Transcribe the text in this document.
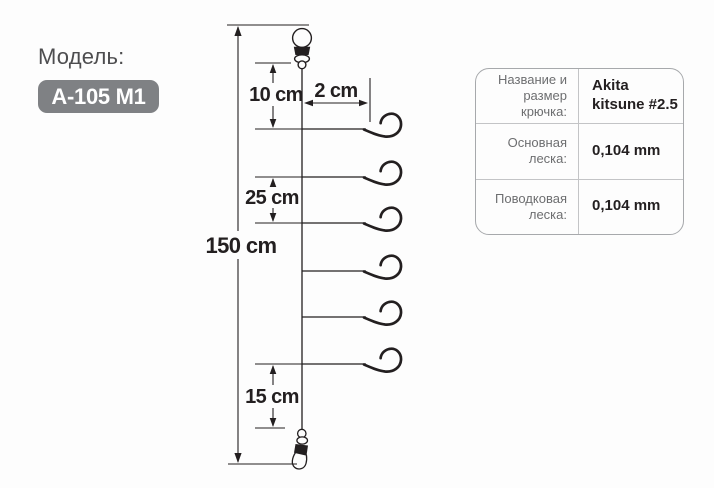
Модель:
А-105 M1
150 cm
10 cm 2 cm
25 cm
15 cm
Название и размер крючка:
Akita kitsune #2.5
Основная леска:	0,104 mm
Поводковая леска:	0,104 mm
